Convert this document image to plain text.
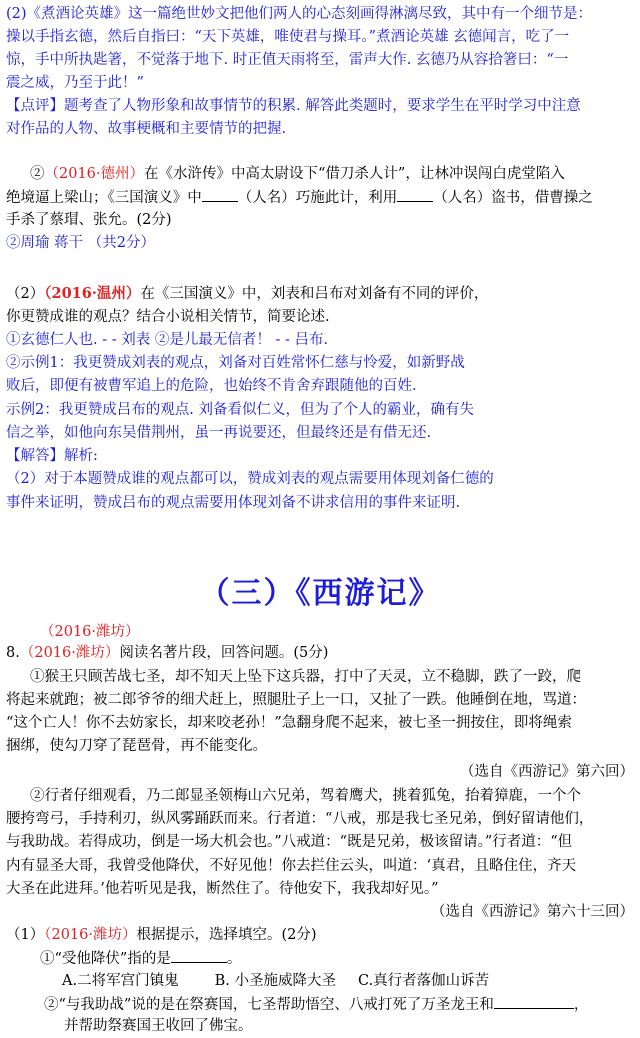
(2)《煮酒论英雄》这一篇绝世妙文把他们两人的心态刻画得淋漓尽致，其中有一个细节是：
操以手指玄德，然后自指曰：“天下英雄，唯使君与操耳。”煮酒论英雄 玄德闻言，吃了一
惊，手中所执匙箸，不觉落于地下. 时正值天雨将至，雷声大作. 玄德乃从容拾箸曰：“一
震之威，乃至于此！”
【点评】题考查了人物形象和故事情节的积累. 解答此类题时，要求学生在平时学习中注意
对作品的人物、故事梗概和主要情节的把握.
②（2016·德州）在《水浒传》中高太尉设下“借刀杀人计”，让林冲误闯白虎堂陷入
绝境逼上梁山；《三国演义》中 （人名）巧施此计，利用 （人名）盗书，借曹操之
手杀了蔡瑁、张允。(2分)
②周瑜 蒋干 （共2分）
（2）（2016·温州）在《三国演义》中，刘表和吕布对刘备有不同的评价，
你更赞成谁的观点？结合小说相关情节，简要论述.
①玄德仁人也. - - 刘表 ②是儿最无信者！ - - 吕布.
②示例1：我更赞成刘表的观点，刘备对百姓常怀仁慈与怜爱，如新野战
败后，即便有被曹军追上的危险，也始终不肯舍弃跟随他的百姓.
示例2：我更赞成吕布的观点. 刘备看似仁义，但为了个人的霸业，确有失
信之举，如他向东吴借荆州，虽一再说要还，但最终还是有借无还.
【解答】解析:
（2）对于本题赞成谁的观点都可以，赞成刘表的观点需要用体现刘备仁德的
事件来证明，赞成吕布的观点需要用体现刘备不讲求信用的事件来证明.
（三）《西游记》
（2016·潍坊）
8.（2016·潍坊）阅读名著片段，回答问题。(5分)
①猴王只顾苦战七圣，却不知天上坠下这兵器，打中了天灵，立不稳脚，跌了一跤，爬
将起来就跑；被二郎爷爷的细犬赶上，照腿肚子上一口，又扯了一跌。他睡倒在地，骂道：
“这个亡人！你不去妨家长，却来咬老孙！”急翻身爬不起来，被七圣一拥按住，即将绳索
捆绑，使勾刀穿了琵琶骨，再不能变化。
（选自《西游记》第六回）
②行者仔细观看，乃二郎显圣领梅山六兄弟，驾着鹰犬，挑着狐兔，抬着獐鹿，一个个
腰挎弯弓，手持利刃，纵风雾踊跃而来。行者道：“八戒，那是我七圣兄弟，倒好留请他们，
与我助战。若得成功，倒是一场大机会也。”八戒道：“既是兄弟，极该留请。”行者道：“但
内有显圣大哥，我曾受他降伏，不好见他！你去拦住云头，叫道：‘真君，且略住住，齐天
大圣在此进拜。’他若听见是我，断然住了。待他安下，我我却好见。”
（选自《西游记》第六十三回）
（1）（2016·潍坊）根据提示，选择填空。(2分)
①“受他降伏”指的是	。
A.二将军宫门镇鬼 B. 小圣施威降大圣 C.真行者落伽山诉苦
②“与我助战”说的是在祭赛国，七圣帮助悟空、八戒打死了万圣龙王和	，
并帮助祭赛国王收回了佛宝。
